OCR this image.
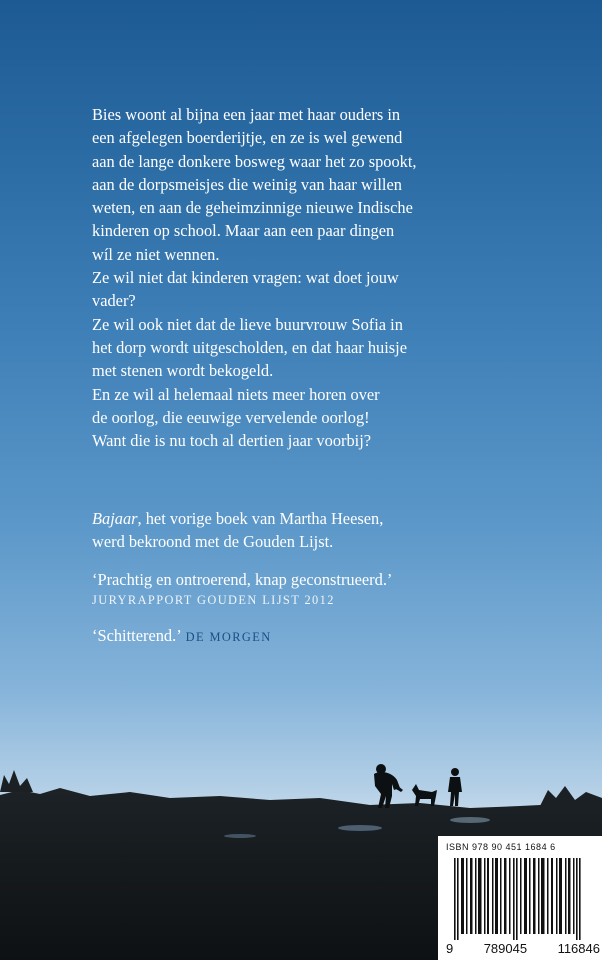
Bies woont al bijna een jaar met haar ouders in
een afgelegen boerderijtje, en ze is wel gewend
aan de lange donkere bosweg waar het zo spookt,
aan de dorpsmeisjes die weinig van haar willen
weten, en aan de geheimzinnige nieuwe Indische
kinderen op school. Maar aan een paar dingen
wíl ze niet wennen.
Ze wil niet dat kinderen vragen: wat doet jouw
vader?
Ze wil ook niet dat de lieve buurvrouw Sofia in
het dorp wordt uitgescholden, en dat haar huisje
met stenen wordt bekogeld.
En ze wil al helemaal niets meer horen over
de oorlog, die eeuwige vervelende oorlog!
Want die is nu toch al dertien jaar voorbij?

Bajaar, het vorige boek van Martha Heesen,
werd bekroond met de Gouden Lijst.
‘Prachtig en ontroerend, knap geconstrueerd.’
JURYRAPPORT GOUDEN LIJST 2012
‘Schitterend.’ DE MORGEN
ISBN 978 90 451 1684 6
9 789045 116846
